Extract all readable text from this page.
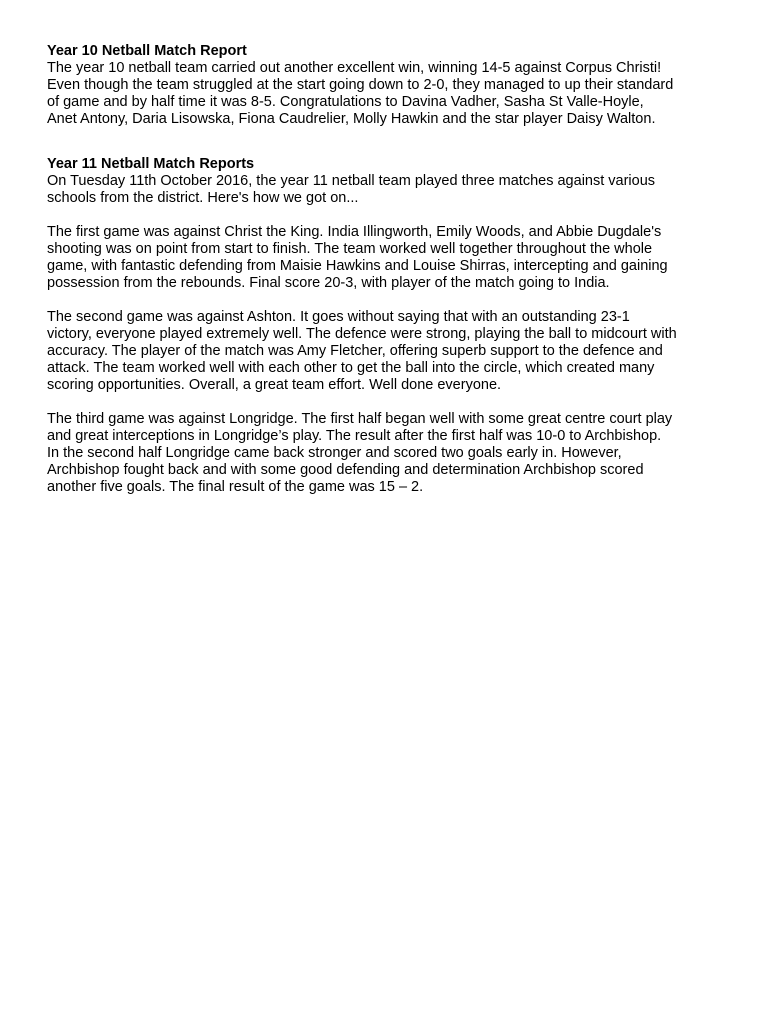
Year 10 Netball Match Report

The year 10 netball team carried out another excellent win, winning 14-5 against Corpus Christi!
Even though the team struggled at the start going down to 2-0, they managed to up their standard
of game and by half time it was 8-5. Congratulations to Davina Vadher, Sasha St Valle-Hoyle,
Anet Antony, Daria Lisowska, Fiona Caudrelier, Molly Hawkin and the star player Daisy Walton.

Year 11 Netball Match Reports

On Tuesday 11th October 2016, the year 11 netball team played three matches against various
schools from the district. Here's how we got on...

The first game was against Christ the King. India Illingworth, Emily Woods, and Abbie Dugdale's
shooting was on point from start to finish. The team worked well together throughout the whole
game, with fantastic defending from Maisie Hawkins and Louise Shirras, intercepting and gaining
possession from the rebounds. Final score 20-3, with player of the match going to India.

The second game was against Ashton. It goes without saying that with an outstanding 23-1
victory, everyone played extremely well. The defence were strong, playing the ball to midcourt with
accuracy. The player of the match was Amy Fletcher, offering superb support to the defence and
attack. The team worked well with each other to get the ball into the circle, which created many
scoring opportunities. Overall, a great team effort. Well done everyone.

The third game was against Longridge. The first half began well with some great centre court play
and great interceptions in Longridge’s play. The result after the first half was 10-0 to Archbishop.
In the second half Longridge came back stronger and scored two goals early in. However,
Archbishop fought back and with some good defending and determination Archbishop scored
another five goals. The final result of the game was 15 – 2.
